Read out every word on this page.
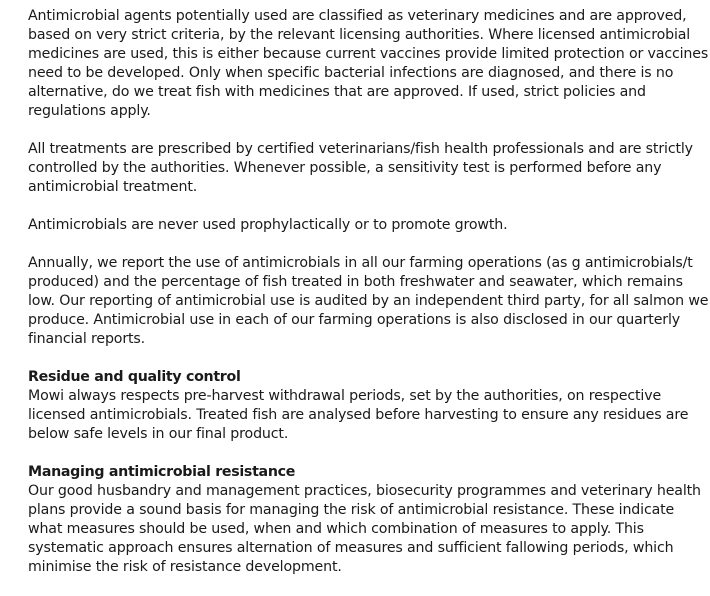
Antimicrobial agents potentially used are classified as veterinary medicines and are approved, based on very strict criteria, by the relevant licensing authorities. Where licensed antimicrobial medicines are used, this is either because current vaccines provide limited protection or vaccines need to be developed. Only when specific bacterial infections are diagnosed, and there is no alternative, do we treat fish with medicines that are approved. If used, strict policies and regulations apply.

All treatments are prescribed by certified veterinarians/fish health professionals and are strictly controlled by the authorities. Whenever possible, a sensitivity test is performed before any antimicrobial treatment.

Antimicrobials are never used prophylactically or to promote growth.

Annually, we report the use of antimicrobials in all our farming operations (as g antimicrobials/t produced) and the percentage of fish treated in both freshwater and seawater, which remains low. Our reporting of antimicrobial use is audited by an independent third party, for all salmon we produce. Antimicrobial use in each of our farming operations is also disclosed in our quarterly financial reports.

Residue and quality control

Mowi always respects pre-harvest withdrawal periods, set by the authorities, on respective licensed antimicrobials. Treated fish are analysed before harvesting to ensure any residues are below safe levels in our final product.

Managing antimicrobial resistance

Our good husbandry and management practices, biosecurity programmes and veterinary health plans provide a sound basis for managing the risk of antimicrobial resistance. These indicate what measures should be used, when and which combination of measures to apply. This systematic approach ensures alternation of measures and sufficient fallowing periods, which minimise the risk of resistance development.
